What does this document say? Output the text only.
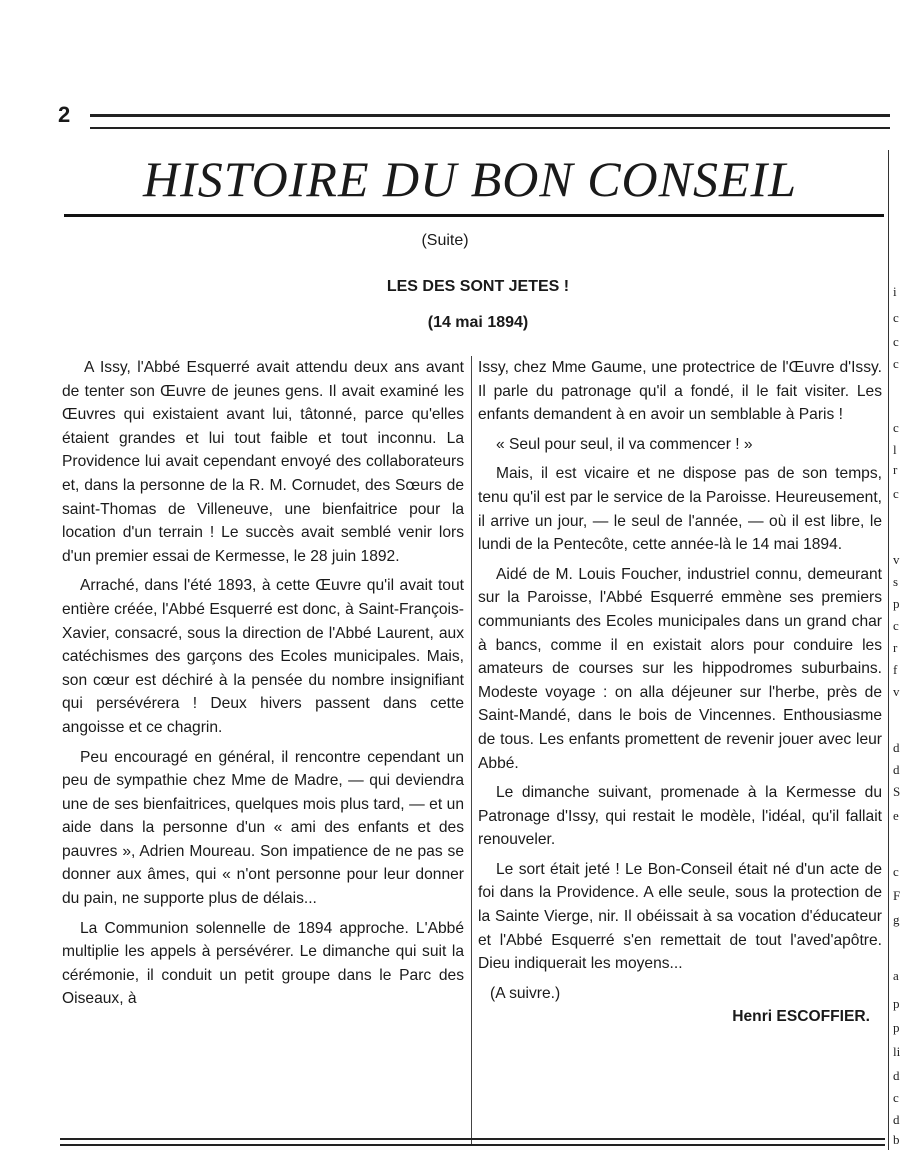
2
HISTOIRE DU BON CONSEIL
(Suite)
LES DES SONT JETES !
(14 mai 1894)

A Issy, l'Abbé Esquerré avait attendu deux ans avant de tenter son Œuvre de jeunes gens. Il avait examiné les Œuvres qui existaient avant lui, tâtonné, parce qu'elles étaient grandes et lui tout faible et tout inconnu. La Providence lui avait cependant envoyé des collaborateurs et, dans la personne de la R. M. Cornudet, des Sœurs de saint-Thomas de Villeneuve, une bienfaitrice pour la location d'un terrain ! Le succès avait semblé venir lors d'un premier essai de Kermesse, le 28 juin 1892.

Arraché, dans l'été 1893, à cette Œuvre qu'il avait tout entière créée, l'Abbé Esquerré est donc, à Saint-François-Xavier, consacré, sous la direction de l'Abbé Laurent, aux catéchismes des garçons des Ecoles municipales. Mais, son cœur est déchiré à la pensée du nombre insignifiant qui persévérera ! Deux hivers passent dans cette angoisse et ce chagrin.

Peu encouragé en général, il rencontre cependant un peu de sympathie chez Mme de Madre, — qui deviendra une de ses bienfaitrices, quelques mois plus tard, — et un aide dans la personne d'un « ami des enfants et des pauvres », Adrien Moureau. Son impatience de ne pas se donner aux âmes, qui « n'ont personne pour leur donner du pain, ne supporte plus de délais...

La Communion solennelle de 1894 approche. L'Abbé multiplie les appels à persévérer. Le dimanche qui suit la cérémonie, il conduit un petit groupe dans le Parc des Oiseaux, à

Issy, chez Mme Gaume, une protectrice de l'Œuvre d'Issy. Il parle du patronage qu'il a fondé, il le fait visiter. Les enfants demandent à en avoir un semblable à Paris !

« Seul pour seul, il va commencer ! »

Mais, il est vicaire et ne dispose pas de son temps, tenu qu'il est par le service de la Paroisse. Heureusement, il arrive un jour, — le seul de l'année, — où il est libre, le lundi de la Pentecôte, cette année-là le 14 mai 1894.

Aidé de M. Louis Foucher, industriel connu, demeurant sur la Paroisse, l'Abbé Esquerré emmène ses premiers communiants des Ecoles municipales dans un grand char à bancs, comme il en existait alors pour conduire les amateurs de courses sur les hippodromes suburbains. Modeste voyage : on alla déjeuner sur l'herbe, près de Saint-Mandé, dans le bois de Vincennes. Enthousiasme de tous. Les enfants promettent de revenir jouer avec leur Abbé.

Le dimanche suivant, promenade à la Kermesse du Patronage d'Issy, qui restait le modèle, l'idéal, qu'il fallait renouveler.

Le sort était jeté ! Le Bon-Conseil était né d'un acte de foi dans la Providence. A elle seule, sous la protection de la Sainte Vierge, nir. Il obéissait à sa vocation d'éducateur et l'Abbé Esquerré s'en remettait de tout l'aved'apôtre. Dieu indiquerait les moyens...

(A suivre.)

Henri ESCOFFIER.
i
c
c
c
c
l
r
c
v
s
p
c
r
f
v
d
d
S
e
c
F
g
a
p
p
li
d
c
d
b
